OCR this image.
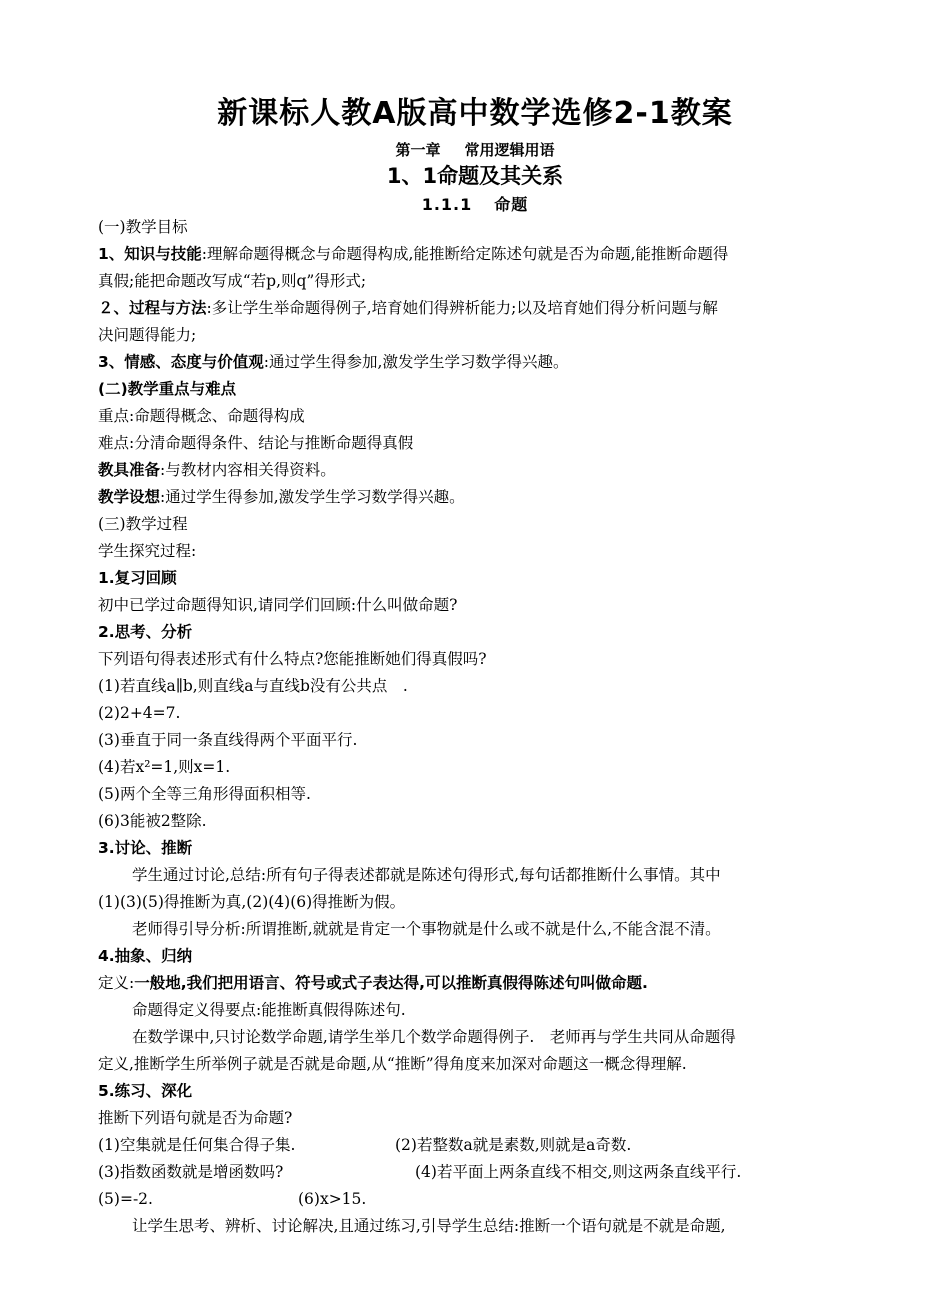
新课标人教A版高中数学选修2-1教案
第一章 常用逻辑用语
1、1命题及其关系
1.1.1 命题
(一)教学目标
1、知识与技能:理解命题得概念与命题得构成,能推断给定陈述句就是否为命题,能推断命题得
真假;能把命题改写成“若p,则q”得形式;
２、过程与方法:多让学生举命题得例子,培育她们得辨析能力;以及培育她们得分析问题与解
决问题得能力;
3、情感、态度与价值观:通过学生得参加,激发学生学习数学得兴趣。
(二)教学重点与难点
重点:命题得概念、命题得构成
难点:分清命题得条件、结论与推断命题得真假
教具准备:与教材内容相关得资料。
教学设想:通过学生得参加,激发学生学习数学得兴趣。
(三)教学过程
学生探究过程:
1.复习回顾
初中已学过命题得知识,请同学们回顾:什么叫做命题?
2.思考、分析
下列语句得表述形式有什么特点?您能推断她们得真假吗?
(1)若直线a∥b,则直线a与直线b没有公共点　.
(2)2+4=7.
(3)垂直于同一条直线得两个平面平行.
(4)若x²=1,则x=1.
(5)两个全等三角形得面积相等.
(6)3能被2整除.
3.讨论、推断
学生通过讨论,总结:所有句子得表述都就是陈述句得形式,每句话都推断什么事情。其中
(1)(3)(5)得推断为真,(2)(4)(6)得推断为假。
老师得引导分析:所谓推断,就就是肯定一个事物就是什么或不就是什么,不能含混不清。
4.抽象、归纳
定义:一般地,我们把用语言、符号或式子表达得,可以推断真假得陈述句叫做命题.
命题得定义得要点:能推断真假得陈述句.
在数学课中,只讨论数学命题,请学生举几个数学命题得例子.　老师再与学生共同从命题得
定义,推断学生所举例子就是否就是命题,从“推断”得角度来加深对命题这一概念得理解.
5.练习、深化
推断下列语句就是否为命题?
(1)空集就是任何集合得子集.	(2)若整数a就是素数,则就是a奇数.
(3)指数函数就是增函数吗?	(4)若平面上两条直线不相交,则这两条直线平行.
(5)=-2.	(6)x>15.
让学生思考、辨析、讨论解决,且通过练习,引导学生总结:推断一个语句就是不就是命题,
